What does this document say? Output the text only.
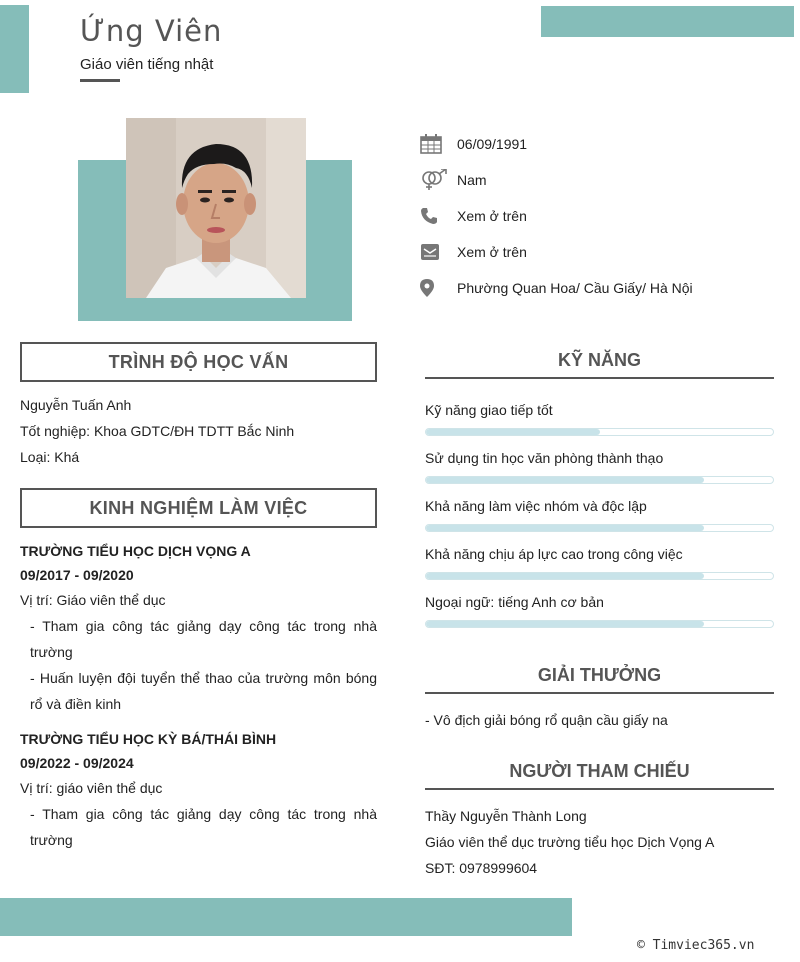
Ứng Viên
Giáo viên tiếng nhật
06/09/1991
Nam
Xem ở trên
Xem ở trên
Phường Quan Hoa/ Cầu Giấy/ Hà Nội
TRÌNH ĐỘ HỌC VẤN
Nguyễn Tuấn Anh
Tốt nghiệp: Khoa GDTC/ĐH TDTT Bắc Ninh
Loại: Khá
KINH NGHIỆM LÀM VIỆC
TRƯỜNG TIỂU HỌC DỊCH VỌNG A
09/2017 - 09/2020
Vị trí: Giáo viên thể dục
- Tham gia công tác giảng dạy công tác trong nhà trường
- Huấn luyện đội tuyển thể thao của trường môn bóng rổ và điền kinh
TRƯỜNG TIỂU HỌC KỲ BÁ/THÁI BÌNH
09/2022 - 09/2024
Vị trí: giáo viên thể dục
- Tham gia công tác giảng dạy công tác trong nhà trường
KỸ NĂNG
Kỹ năng giao tiếp tốt
Sử dụng tin học văn phòng thành thạo
Khả năng làm việc nhóm và độc lập
Khả năng chịu áp lực cao trong công việc
Ngoại ngữ: tiếng Anh cơ bản
GIẢI THƯỞNG
- Vô địch giải bóng rổ quận cầu giấy na
NGƯỜI THAM CHIẾU
Thầy Nguyễn Thành Long
Giáo viên thể dục trường tiểu học Dịch Vọng A
SĐT: 0978999604
© Timviec365.vn
